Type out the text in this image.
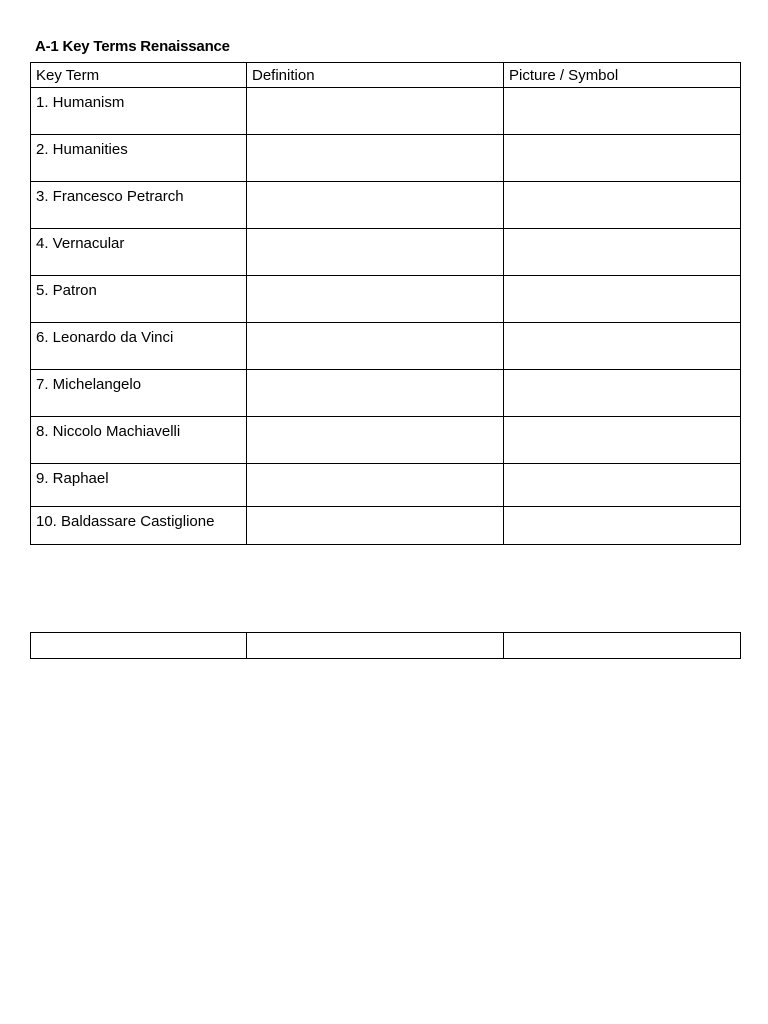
A-1 Key Terms Renaissance
Key Term	Definition	Picture / Symbol
1. Humanism		
2. Humanities		
3. Francesco Petrarch		
4. Vernacular		
5. Patron		
6. Leonardo da Vinci		
7. Michelangelo		
8. Niccolo Machiavelli		
9. Raphael		
10. Baldassare Castiglione		
